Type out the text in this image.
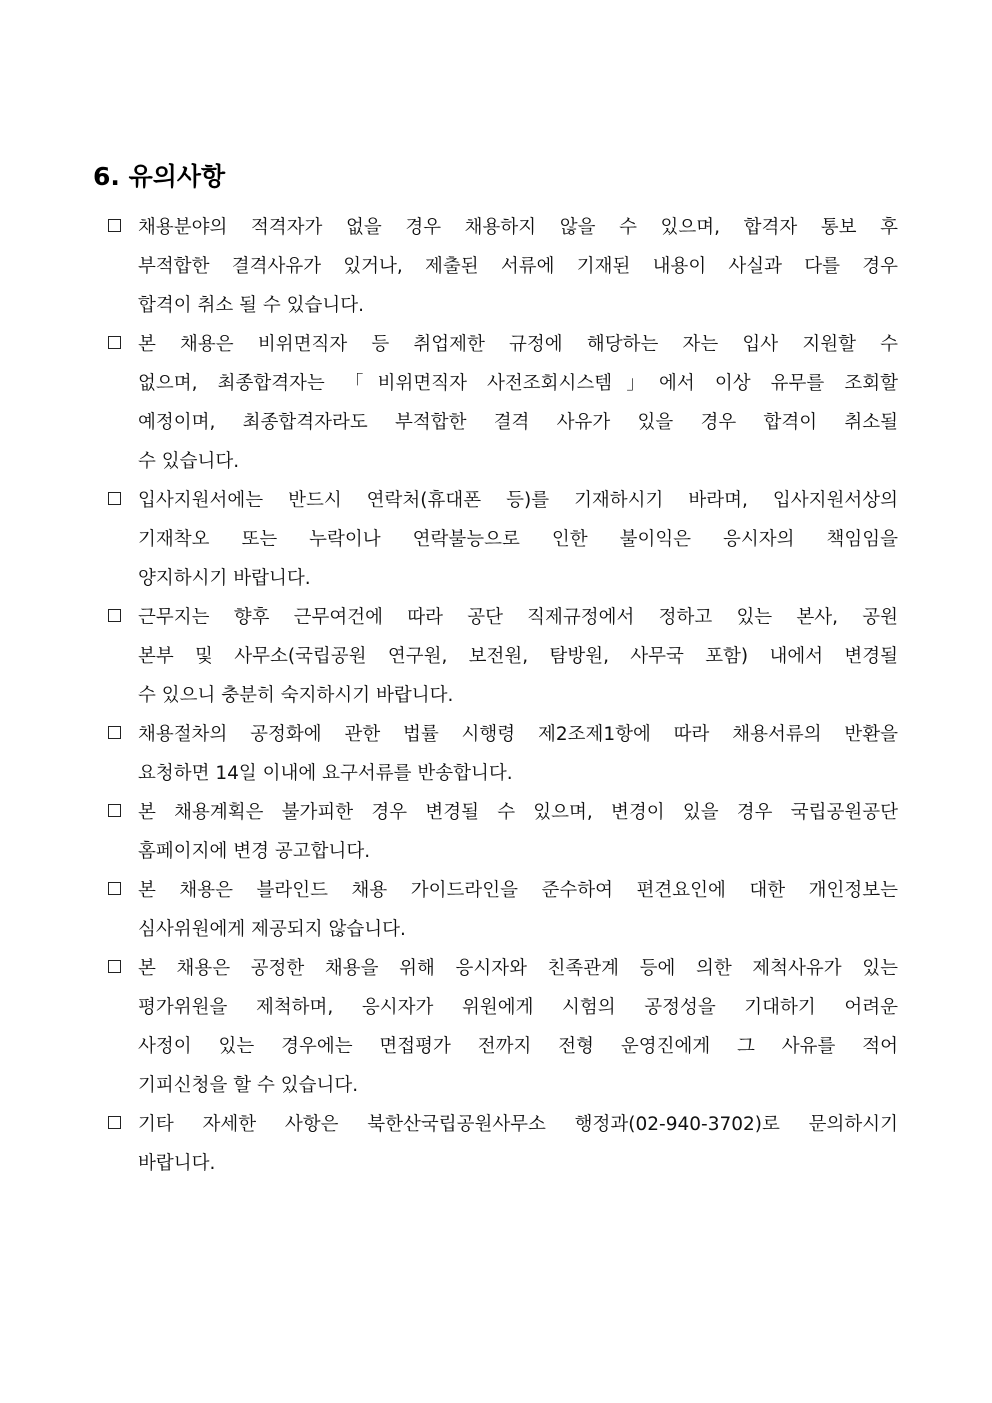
6. 유의사항
채용분야의 적격자가 없을 경우 채용하지 않을 수 있으며, 합격자 통보 후
부적합한 결격사유가 있거나, 제출된 서류에 기재된 내용이 사실과 다를 경우
합격이 취소 될 수 있습니다.
본 채용은 비위면직자 등 취업제한 규정에 해당하는 자는 입사 지원할 수
없으며, 최종합격자는 「비위면직자 사전조회시스템」에서 이상 유무를 조회할
예정이며, 최종합격자라도 부적합한 결격 사유가 있을 경우 합격이 취소될
수 있습니다.
입사지원서에는 반드시 연락처(휴대폰 등)를 기재하시기 바라며, 입사지원서상의
기재착오 또는 누락이나 연락불능으로 인한 불이익은 응시자의 책임임을
양지하시기 바랍니다.
근무지는 향후 근무여건에 따라 공단 직제규정에서 정하고 있는 본사, 공원
본부 및 사무소(국립공원 연구원, 보전원, 탐방원, 사무국 포함) 내에서 변경될
수 있으니 충분히 숙지하시기 바랍니다.
채용절차의 공정화에 관한 법률 시행령 제2조제1항에 따라 채용서류의 반환을
요청하면 14일 이내에 요구서류를 반송합니다.
본 채용계획은 불가피한 경우 변경될 수 있으며, 변경이 있을 경우 국립공원공단
홈페이지에 변경 공고합니다.
본 채용은 블라인드 채용 가이드라인을 준수하여 편견요인에 대한 개인정보는
심사위원에게 제공되지 않습니다.
본 채용은 공정한 채용을 위해 응시자와 친족관계 등에 의한 제척사유가 있는
평가위원을 제척하며, 응시자가 위원에게 시험의 공정성을 기대하기 어려운
사정이 있는 경우에는 면접평가 전까지 전형 운영진에게 그 사유를 적어
기피신청을 할 수 있습니다.
기타 자세한 사항은 북한산국립공원사무소 행정과(02-940-3702)로 문의하시기
바랍니다.
